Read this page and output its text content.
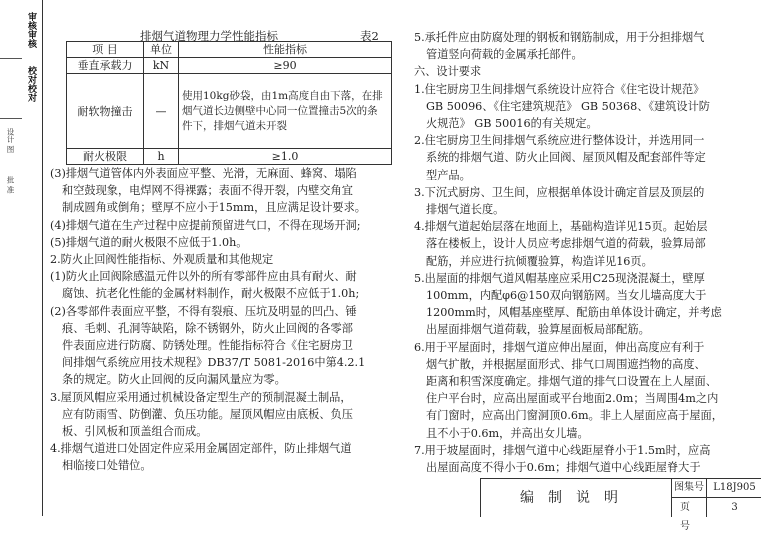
审核审核
校对校对
设计 图
批 准
排烟气道物理力学性能指标	表2
项 目	单位	性能指标
垂直承载力	kN	≥90
耐软物撞击	—	使用10kg砂袋，由1m高度自由下落，在排烟气道长边侧壁中心同一位置撞击5次的条件下，排烟气道未开裂
耐火极限	h	≥1.0

(3)排烟气道管体内外表面应平整、光滑，无麻面、蜂窝、塌陷

和空鼓现象，电焊网不得裸露；表面不得开裂，内壁交角宜

制成圆角或倒角；壁厚不应小于15mm，且应满足设计要求。

(4)排烟气道在生产过程中应提前预留进气口，不得在现场开洞;

(5)排烟气道的耐火极限不应低于1.0h。

2.防火止回阀性能指标、外观质量和其他规定

(1)防火止回阀除感温元件以外的所有零部件应由具有耐火、耐

腐蚀、抗老化性能的金属材料制作，耐火极限不应低于1.0h;

(2)各零部件表面应平整，不得有裂痕、压坑及明显的凹凸、锤

痕、毛刺、孔洞等缺陷，除不锈钢外，防火止回阀的各零部

件表面应进行防腐、防锈处理。性能指标符合《住宅厨房卫

间排烟气系统应用技术规程》DB37/T 5081-2016中第4.2.1

条的规定。防火止回阀的反向漏风量应为零。

3.屋顶风帽应采用通过机械设备定型生产的预制混凝土制品，

应有防雨雪、防倒灌、负压功能。屋顶风帽应由底板、负压

板、引风板和顶盖组合而成。

4.排烟气道进口处固定件应采用金属固定部件，防止排烟气道

相临接口处错位。

5.承托件应由防腐处理的钢板和钢筋制成，用于分担排烟气

管道竖向荷载的金属承托部件。

六、设计要求

1.住宅厨房卫生间排烟气系统设计应符合《住宅设计规范》

GB 50096、《住宅建筑规范》 GB 50368、《建筑设计防

火规范》 GB 50016的有关规定。

2.住宅厨房卫生间排烟气系统应进行整体设计，并选用同一

系统的排烟气道、防火止回阀、屋顶风帽及配套部件等定

型产品。

3.下沉式厨房、卫生间，应根据单体设计确定首层及顶层的

排烟气道长度。

4.排烟气道起始层落在地面上，基础构造详见15页。起始层

落在楼板上，设计人员应考虑排烟气道的荷载，验算局部

配筋，并应进行抗倾覆验算，构造详见16页。

5.出屋面的排烟气道风帽基座应采用C25现浇混凝土，壁厚

100mm，内配φ6@150双向钢筋网。当女儿墙高度大于

1200mm时，风帽基座壁厚、配筋由单体设计确定，并考虑

出屋面排烟气道荷载，验算屋面板局部配筋。

6.用于平屋面时，排烟气道应伸出屋面，伸出高度应有利于

烟气扩散，并根据屋面形式、排气口周围遮挡物的高度、

距离和积雪深度确定。排烟气道的排气口设置在上人屋面、

住户平台时，应高出屋面或平台地面2.0m；当周围4m之内

有门窗时，应高出门窗洞顶0.6m。非上人屋面应高于屋面，

且不小于0.6m，并高出女儿墙。

7.用于坡屋面时，排烟气道中心线距屋脊小于1.5m时，应高

出屋面高度不得小于0.6m；排烟气道中心线距屋脊大于

编制说明
图集号 L18J905
页号
3
